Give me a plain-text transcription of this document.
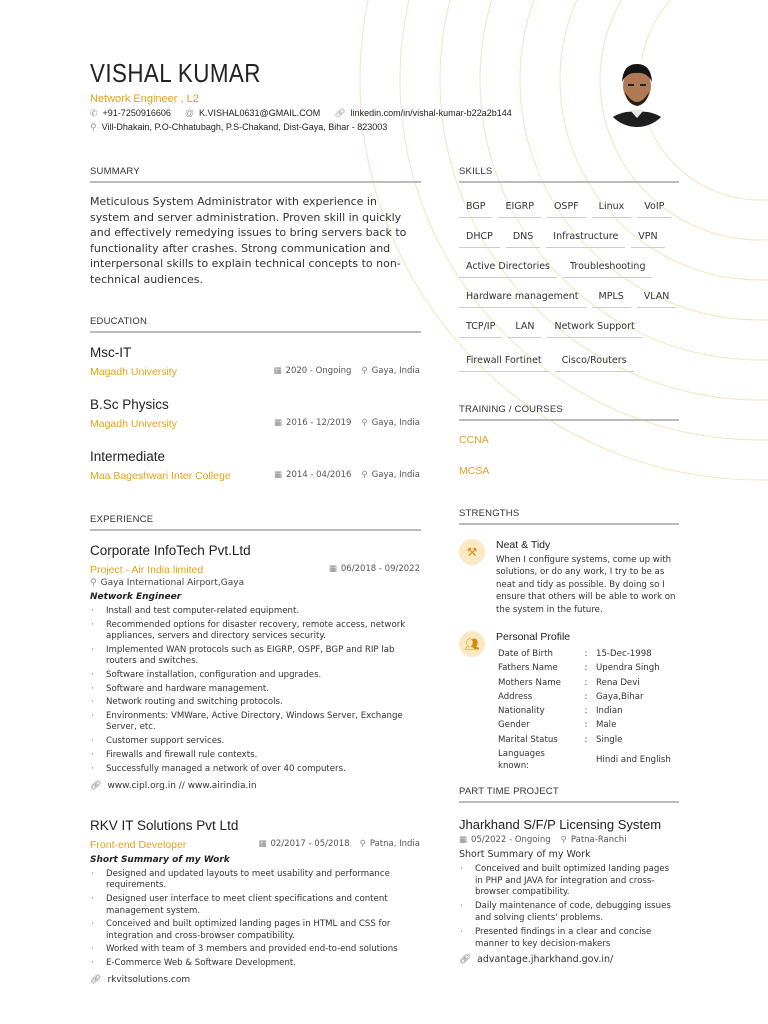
VISHAL KUMAR
Network Engineer , L2
✆ +91-7250916606 @ K.VISHAL0631@GMAIL.COM 🔗︎ linkedin.com/in/vishal-kumar-b22a2b144
⚲ Vill-Dhakain, P.O-Chhatubagh, P.S-Chakand, Dist-Gaya, Bihar - 823003
SUMMARY
Meticulous System Administrator with experience in system and server administration. Proven skill in quickly and effectively remedying issues to bring servers back to functionality after crashes. Strong communication and interpersonal skills to explain technical concepts to non-technical audiences.
EDUCATION
Msc-IT
Magadh University	▦ 2020 - Ongoing ⚲ Gaya, India
B.Sc Physics
Magadh University	▦ 2016 - 12/2019 ⚲ Gaya, India
Intermediate
Maa Bageshwari Inter College	▦ 2014 - 04/2016 ⚲ Gaya, India
EXPERIENCE
Corporate InfoTech Pvt.Ltd
Project - Air India limited	▦ 06/2018 - 09/2022
⚲ Gaya International Airport,Gaya
Network Engineer
· Install and test computer-related equipment.
· Recommended options for disaster recovery, remote access, network appliances, servers and directory services security.
· Implemented WAN protocols such as EIGRP, OSPF, BGP and RIP lab routers and switches.
· Software installation, configuration and upgrades.
· Software and hardware management.
· Network routing and switching protocols.
· Environments: VMWare, Active Directory, Windows Server, Exchange Server, etc.
· Customer support services.
· Firewalls and firewall rule contexts.
· Successfully managed a network of over 40 computers.
🔗︎ www.cipl.org.in // www.airindia.in
RKV IT Solutions Pvt Ltd
Front-end Developer	▦ 02/2017 - 05/2018 ⚲ Patna, India
Short Summary of my Work
· Designed and updated layouts to meet usability and performance requirements.
· Designed user interface to meet client specifications and content management system.
· Conceived and built optimized landing pages in HTML and CSS for integration and cross-browser compatibility.
· Worked with team of 3 members and provided end-to-end solutions
· E-Commerce Web & Software Development.
🔗︎ rkvitsolutions.com
SKILLS
BGP	EIGRP	OSPF	Linux	VoIP
DHCP	DNS	Infrastructure	VPN
Active Directories	Troubleshooting
Hardware management	MPLS	VLAN
TCP/IP	LAN	Network Support
Firewall Fortinet	Cisco/Routers
TRAINING / COURSES
CCNA
MCSA
STRENGTHS
⚒	Neat & Tidy
When I configure systems, come up with solutions, or do any work, I try to be as neat and tidy as possible. By doing so I ensure that others will be able to work on the system in the future.
👥︎	Personal Profile
Date of Birth	:	15-Dec-1998
Fathers Name	:	Upendra Singh
Mothers Name	:	Rena Devi
Address	:	Gaya,Bihar
Nationality	:	Indian
Gender	:	Male
Marital Status	:	Single
Languages known:		Hindi and English
PART TIME PROJECT
Jharkhand S/F/P Licensing System
▦ 05/2022 - Ongoing ⚲ Patna-Ranchi
Short Summary of my Work
· Conceived and built optimized landing pages in PHP and JAVA for integration and cross-browser compatibility.
· Daily maintenance of code, debugging issues and solving clients' problems.
· Presented findings in a clear and concise manner to key decision-makers
🔗︎ advantage.jharkhand.gov.in/
